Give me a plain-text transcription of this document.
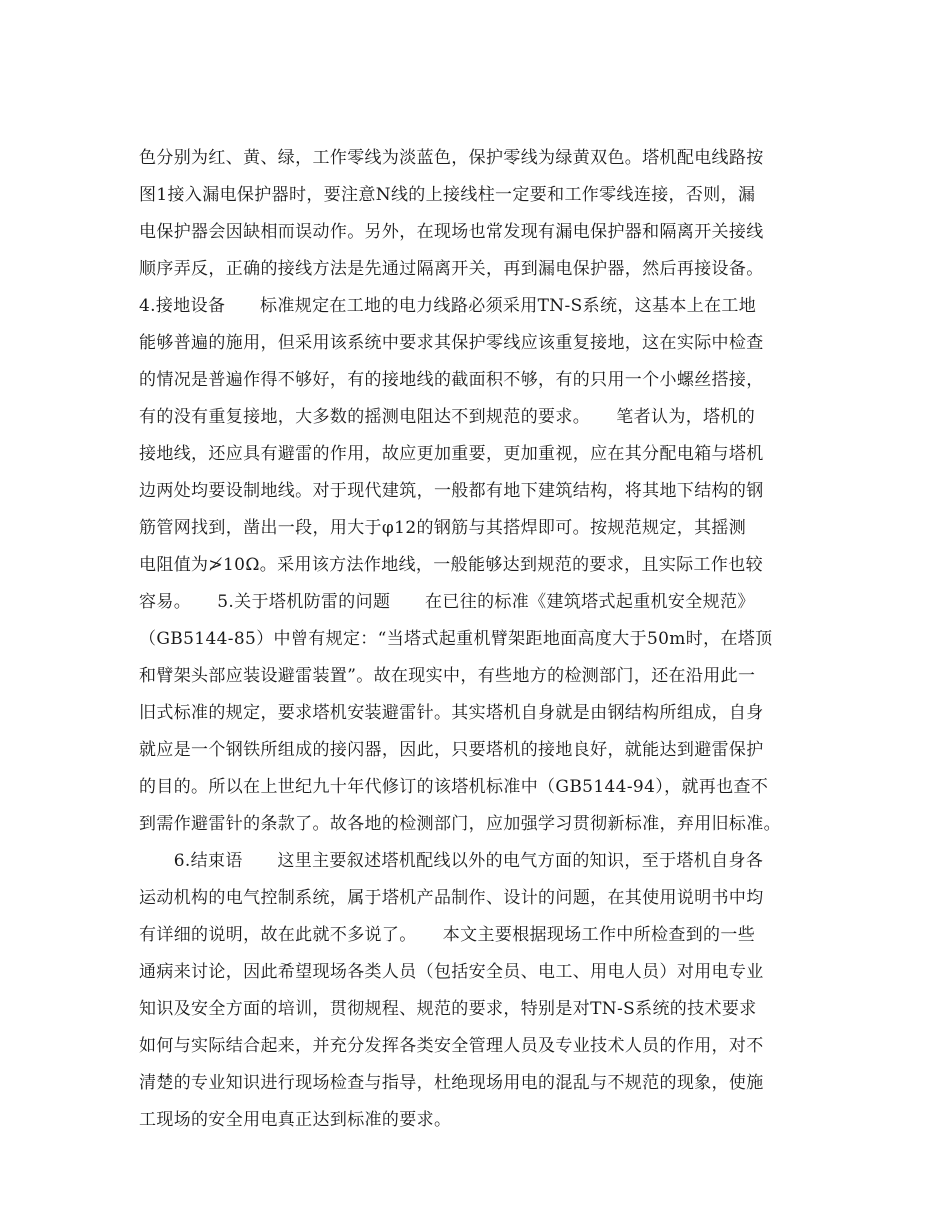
色分别为红、黄、绿，工作零线为淡蓝色，保护零线为绿黄双色。塔机配电线路按
图1接入漏电保护器时，要注意N线的上接线柱一定要和工作零线连接，否则，漏
电保护器会因缺相而误动作。另外，在现场也常发现有漏电保护器和隔离开关接线
顺序弄反，正确的接线方法是先通过隔离开关，再到漏电保护器，然后再接设备。
4.接地设备　　标准规定在工地的电力线路必须采用TN-S系统，这基本上在工地
能够普遍的施用，但采用该系统中要求其保护零线应该重复接地，这在实际中检查
的情况是普遍作得不够好，有的接地线的截面积不够，有的只用一个小螺丝搭接，
有的没有重复接地，大多数的摇测电阻达不到规范的要求。　　笔者认为，塔机的
接地线，还应具有避雷的作用，故应更加重要，更加重视，应在其分配电箱与塔机
边两处均要设制地线。对于现代建筑，一般都有地下建筑结构，将其地下结构的钢
筋管网找到，凿出一段，用大于φ12的钢筋与其搭焊即可。按规范规定，其摇测
电阻值为≯10Ω。采用该方法作地线，一般能够达到规范的要求，且实际工作也较
容易。　　5.关于塔机防雷的问题　　在已往的标准《建筑塔式起重机安全规范》
（GB5144-85）中曾有规定：“当塔式起重机臂架距地面高度大于50m时，在塔顶
和臂架头部应装设避雷装置”。故在现实中，有些地方的检测部门，还在沿用此一
旧式标准的规定，要求塔机安装避雷针。其实塔机自身就是由钢结构所组成，自身
就应是一个钢铁所组成的接闪器，因此，只要塔机的接地良好，就能达到避雷保护
的目的。所以在上世纪九十年代修订的该塔机标准中（GB5144-94），就再也查不
到需作避雷针的条款了。故各地的检测部门，应加强学习贯彻新标准，弃用旧标准。
　　6.结束语　　这里主要叙述塔机配线以外的电气方面的知识，至于塔机自身各
运动机构的电气控制系统，属于塔机产品制作、设计的问题，在其使用说明书中均
有详细的说明，故在此就不多说了。　　本文主要根据现场工作中所检查到的一些
通病来讨论，因此希望现场各类人员（包括安全员、电工、用电人员）对用电专业
知识及安全方面的培训，贯彻规程、规范的要求，特别是对TN-S系统的技术要求
如何与实际结合起来，并充分发挥各类安全管理人员及专业技术人员的作用，对不
清楚的专业知识进行现场检查与指导，杜绝现场用电的混乱与不规范的现象，使施
工现场的安全用电真正达到标准的要求。
